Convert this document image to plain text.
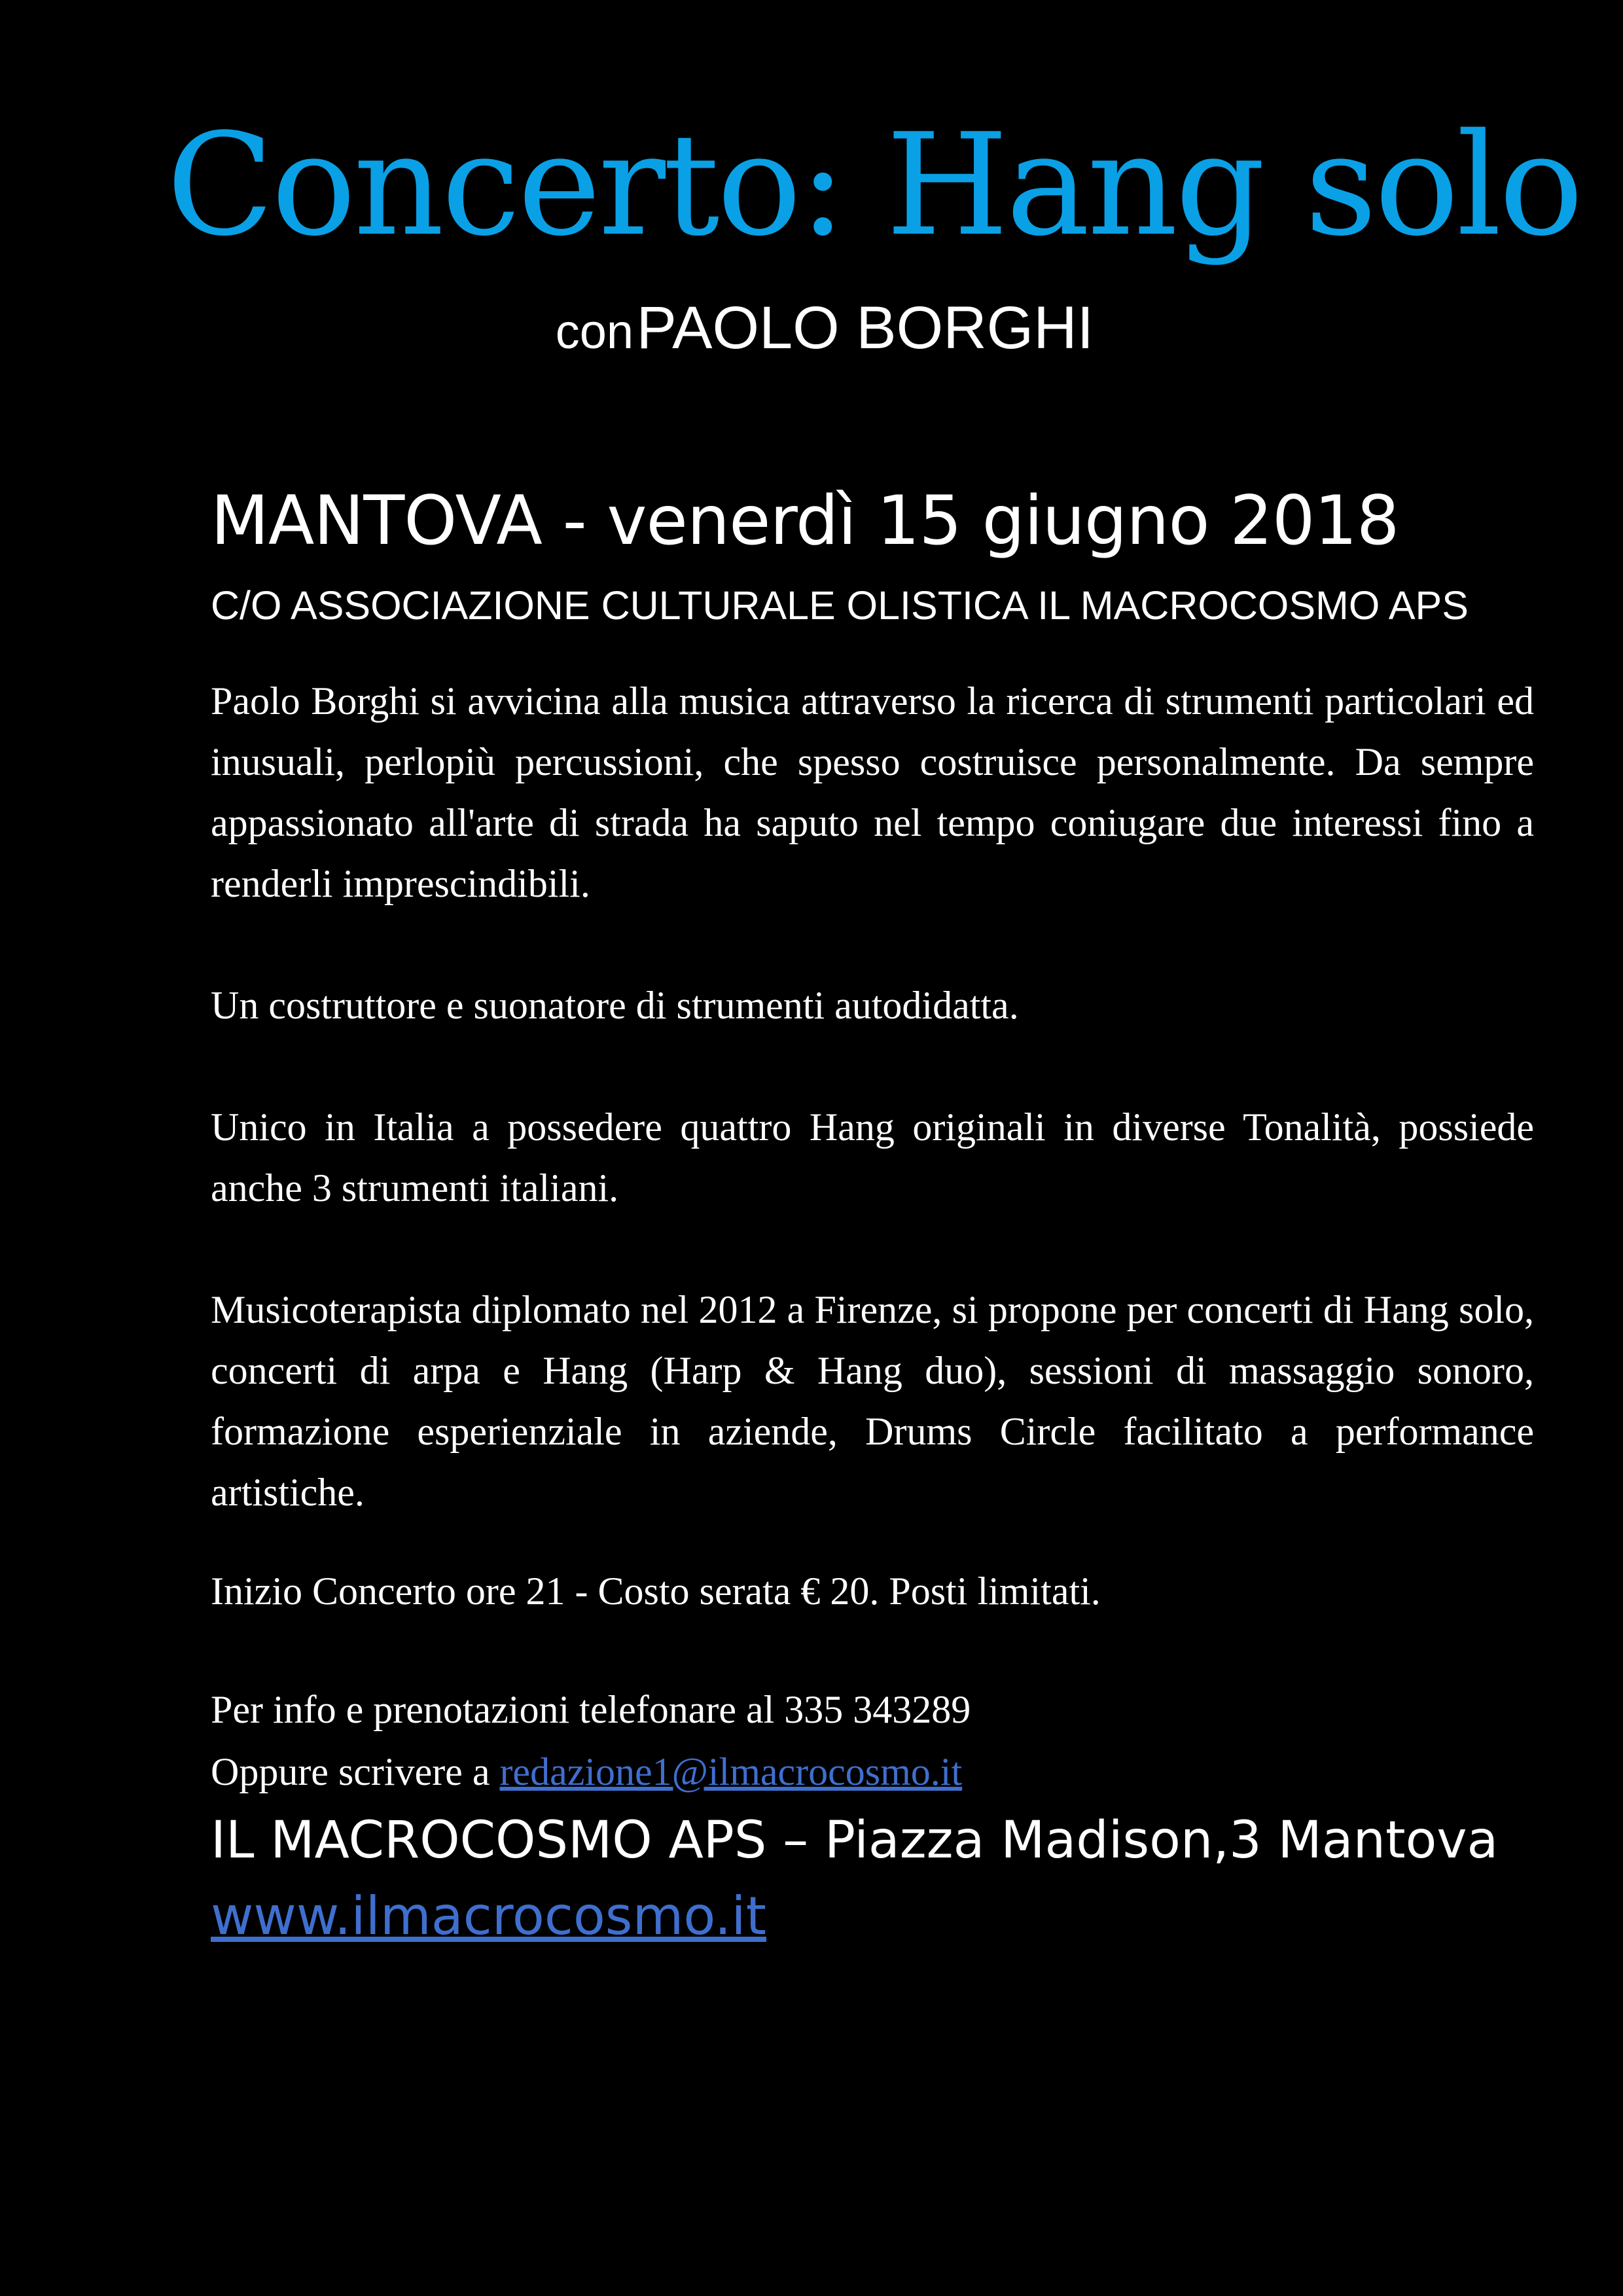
Concerto: Hang solo
con PAOLO BORGHI
MANTOVA - venerdì 15 giugno 2018
C/O ASSOCIAZIONE CULTURALE OLISTICA IL MACROCOSMO APS

Paolo Borghi si avvicina alla musica attraverso la ricerca di strumenti particolari ed inusuali, perlopiù percussioni, che spesso costruisce personalmente. Da sempre appassionato all'arte di strada ha saputo nel tempo coniugare due interessi fino a renderli imprescindibili.

Un costruttore e suonatore di strumenti autodidatta.

Unico in Italia a possedere quattro Hang originali in diverse Tonalità, possiede anche 3 strumenti italiani.

Musicoterapista diplomato nel 2012 a Firenze, si propone per concerti di Hang solo, concerti di arpa e Hang (Harp & Hang duo), sessioni di massaggio sonoro, formazione esperienziale in aziende, Drums Circle facilitato a performance artistiche.

Inizio Concerto ore 21 - Costo serata € 20. Posti limitati.

Per info e prenotazioni telefonare al 335 343289

Oppure scrivere a redazione1@ilmacrocosmo.it

IL MACROCOSMO APS – Piazza Madison,3 Mantova

www.ilmacrocosmo.it
